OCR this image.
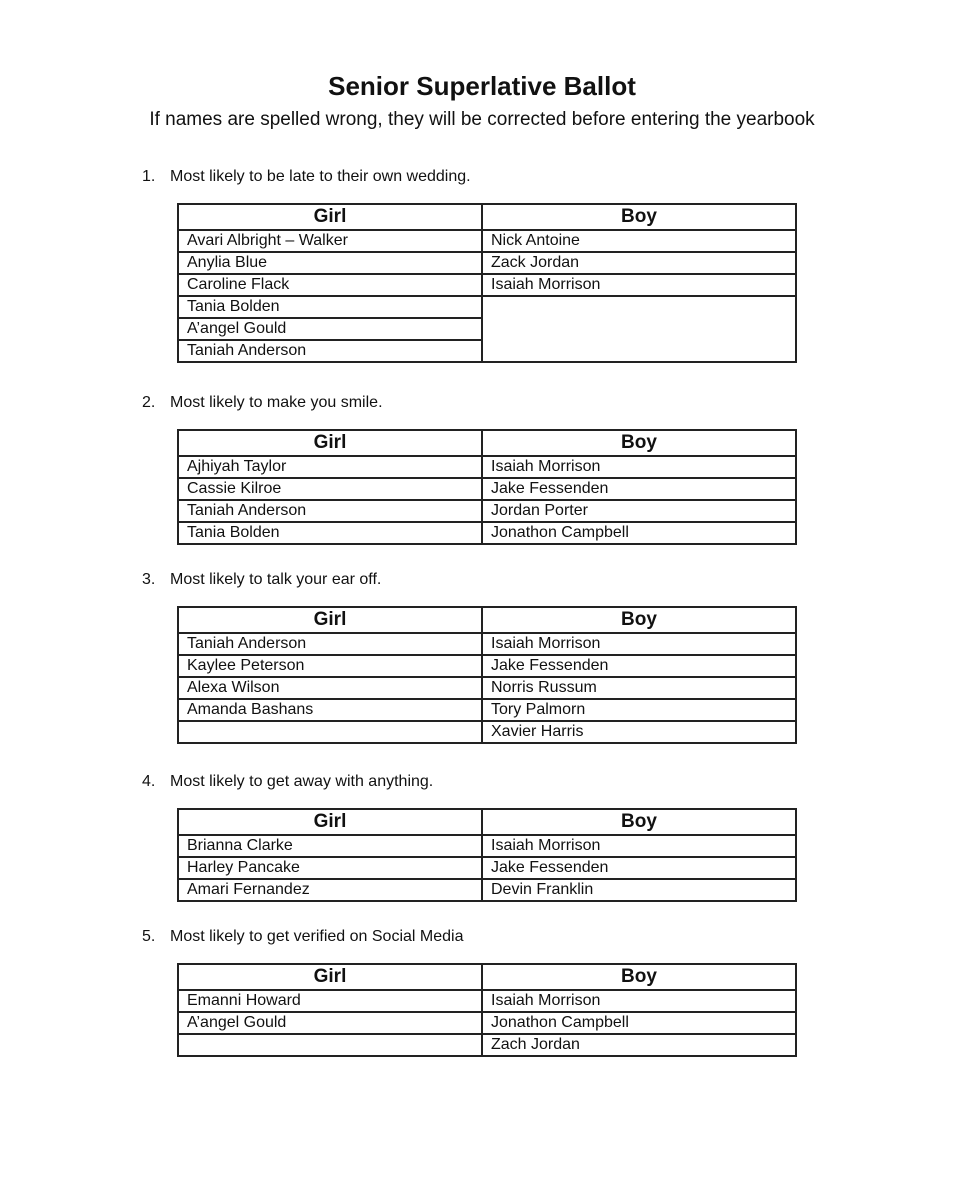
Senior Superlative Ballot
If names are spelled wrong, they will be corrected before entering the yearbook
1. Most likely to be late to their own wedding.
Girl	Boy
Avari Albright – Walker	Nick Antoine
Anylia Blue	Zack Jordan
Caroline Flack	Isaiah Morrison
Tania Bolden	
A’angel Gould	
Taniah Anderson	
2. Most likely to make you smile.
Girl	Boy
Ajhiyah Taylor	Isaiah Morrison
Cassie Kilroe	Jake Fessenden
Taniah Anderson	Jordan Porter
Tania Bolden	Jonathon Campbell
3. Most likely to talk your ear off.
Girl	Boy
Taniah Anderson	Isaiah Morrison
Kaylee Peterson	Jake Fessenden
Alexa Wilson	Norris Russum
Amanda Bashans	Tory Palmorn
	Xavier Harris
4. Most likely to get away with anything.
Girl	Boy
Brianna Clarke	Isaiah Morrison
Harley Pancake	Jake Fessenden
Amari Fernandez	Devin Franklin
5. Most likely to get verified on Social Media
Girl	Boy
Emanni Howard	Isaiah Morrison
A’angel Gould	Jonathon Campbell
	Zach Jordan
